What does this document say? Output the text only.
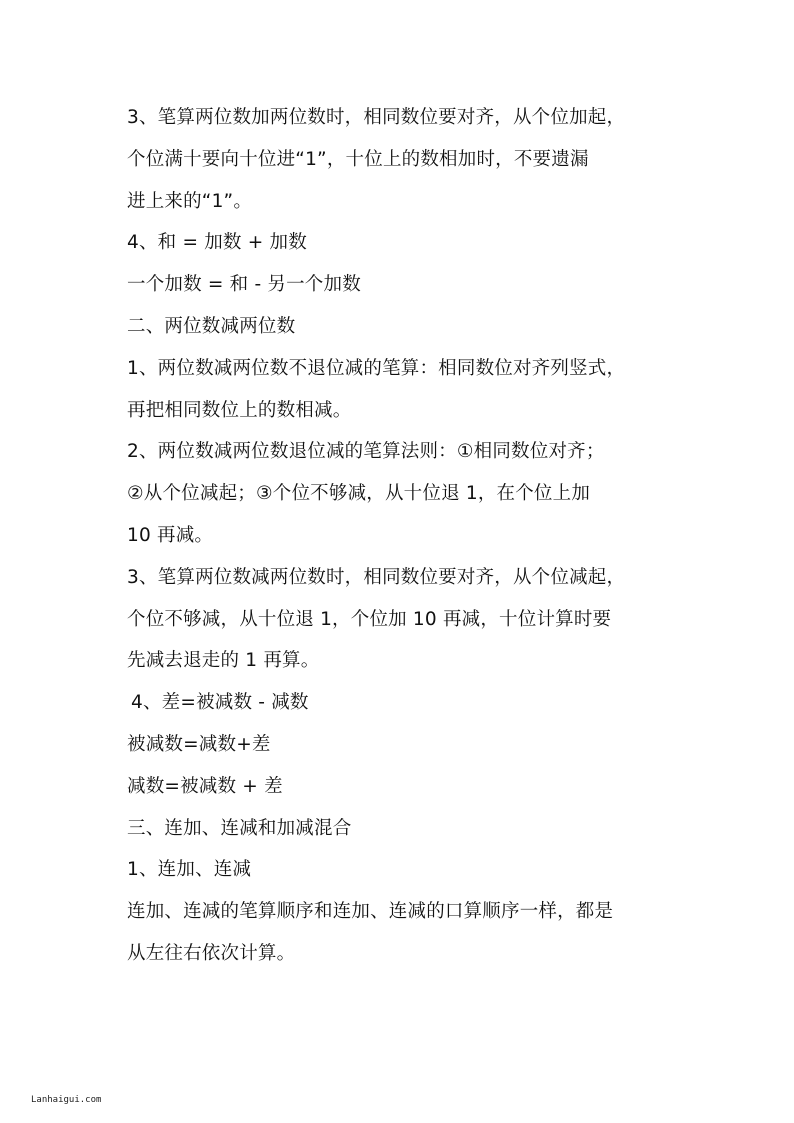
3、笔算两位数加两位数时，相同数位要对齐，从个位加起，
个位满十要向十位进“1”，十位上的数相加时，不要遗漏
进上来的“1”。
4、和 = 加数 + 加数
一个加数 = 和 - 另一个加数
二、两位数减两位数
1、两位数减两位数不退位减的笔算：相同数位对齐列竖式，
再把相同数位上的数相减。
2、两位数减两位数退位减的笔算法则：①相同数位对齐；
②从个位减起；③个位不够减，从十位退 1，在个位上加
10 再减。
3、笔算两位数减两位数时，相同数位要对齐，从个位减起，
个位不够减，从十位退 1，个位加 10 再减，十位计算时要
先减去退走的 1 再算。
4、差=被减数 - 减数
被减数=减数+差
减数=被减数 + 差
三、连加、连减和加减混合
1、连加、连减
连加、连减的笔算顺序和连加、连减的口算顺序一样，都是
从左往右依次计算。
Lanhaigui.com
